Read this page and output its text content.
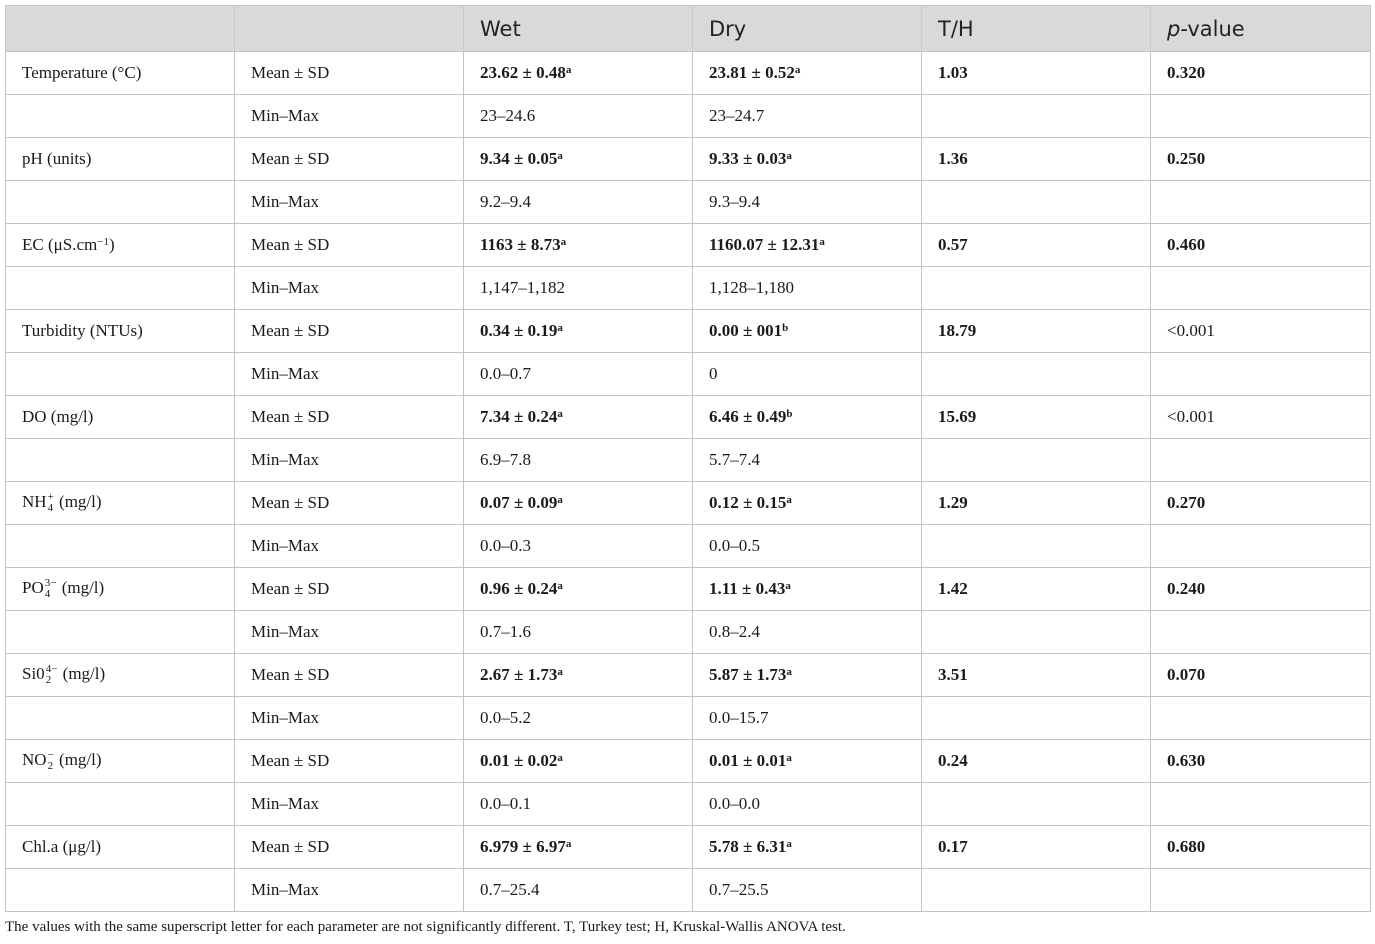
		Wet	Dry	T/H	p-value
Temperature (°C)	Mean ± SD	23.62 ± 0.48$^a$	23.81 ± 0.52$^a$	1.03	0.320
	Min–Max	23–24.6	23–24.7		
pH (units)	Mean ± SD	9.34 ± 0.05$^a$	9.33 ± 0.03$^a$	1.36	0.250
	Min–Max	9.2–9.4	9.3–9.4		
EC $(\mu S.cm^{-1})$	Mean ± SD	1163 ± 8.73$^a$	1160.07 ± 12.31$^a$	0.57	0.460
	Min–Max	1,147–1,182	1,128–1,180		
Turbidity (NTUs)	Mean ± SD	0.34 ± 0.19$^a$	$0.00 \pm 001^b$	18.79	<0.001
	Min–Max	0.0–0.7	0		
DO (mg/l)	Mean ± SD	7.34 ± 0.24$^a$	6.46 ± 0.49$^b$	15.69	<0.001
	Min–Max	6.9–7.8	5.7–7.4		
NH +
4 (mg/l)	Mean ± SD	0.07 ± 0.09$^a$	0.12 ± 0.15$^a$	1.29	0.270
	Min–Max	0.0–0.3	0.0–0.5		
PO 3−
4 (mg/l)	Mean ± SD	0.96 ± 0.24$^a$	1.11 ± 0.43$^a$	1.42	0.240
	Min–Max	0.7–1.6	0.8–2.4		
Si0 4−
2 (mg/l)	Mean ± SD	2.67 ± 1.73$^a$	5.87 ± 1.73$^a$	3.51	0.070
	Min–Max	0.0–5.2	0.0–15.7		
NO −
2 (mg/l)	Mean ± SD	0.01 ± 0.02$^a$	0.01 ± 0.01$^a$	0.24	0.630
	Min–Max	0.0–0.1	0.0–0.0		
Chl.a (μg/l)	Mean ± SD	6.979 ± 6.97$^a$	5.78 ± 6.31$^a$	0.17	0.680
	Min–Max	0.7–25.4	0.7–25.5		
The values with the same superscript letter for each parameter are not significantly different. T, Turkey test; H, Kruskal-Wallis ANOVA test.
